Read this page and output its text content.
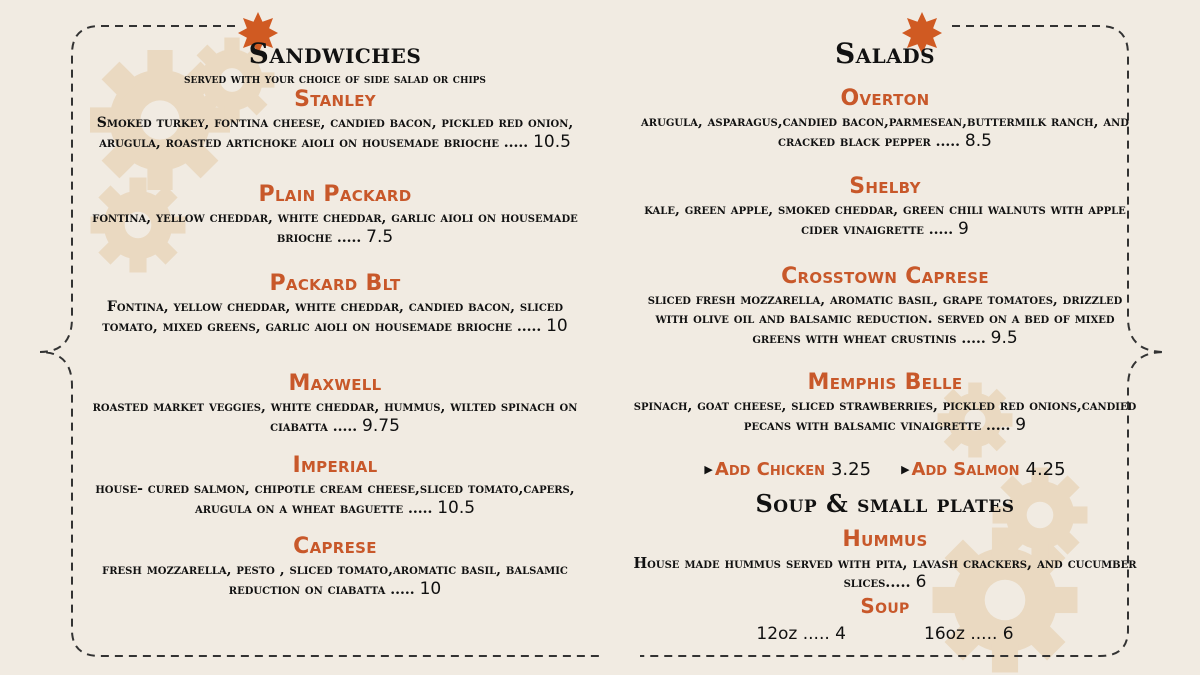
Sandwiches
served with your choice of side salad or chips
Stanley
Smoked turkey, fontina cheese, candied bacon, pickled red onion, arugula, roasted artichoke aioli on housemade brioche ..... 10.5
Plain Packard
fontina, yellow cheddar, white cheddar, garlic aioli on housemade brioche ..... 7.5
Packard Blt
Fontina, yellow cheddar, white cheddar, candied bacon, sliced tomato, mixed greens, garlic aioli on housemade brioche ..... 10
Maxwell
roasted market veggies, white cheddar, hummus, wilted spinach on ciabatta ..... 9.75
Imperial
house- cured salmon, chipotle cream cheese,sliced tomato,capers, arugula on a wheat baguette ..... 10.5
Caprese
fresh mozzarella, pesto , sliced tomato,aromatic basil, balsamic reduction on ciabatta ..... 10
Salads
Overton
arugula, asparagus,candied bacon,parmesean,buttermilk ranch, and cracked black pepper ..... 8.5
Shelby
kale, green apple, smoked cheddar, green chili walnuts with apple cider vinaigrette ..... 9
Crosstown Caprese
sliced fresh mozzarella, aromatic basil, grape tomatoes, drizzled with olive oil and balsamic reduction. served on a bed of mixed greens with wheat crustinis ..... 9.5
Memphis Belle
spinach, goat cheese, sliced strawberries, pickled red onions,candied pecans with balsamic vinaigrette ..... 9
▶ Add Chicken 3.25	▶ Add Salmon 4.25
Soup & small plates
Hummus
House made hummus served with pita, lavash crackers, and cucumber slices..... 6
Soup
12oz ..... 4	16oz ..... 6
